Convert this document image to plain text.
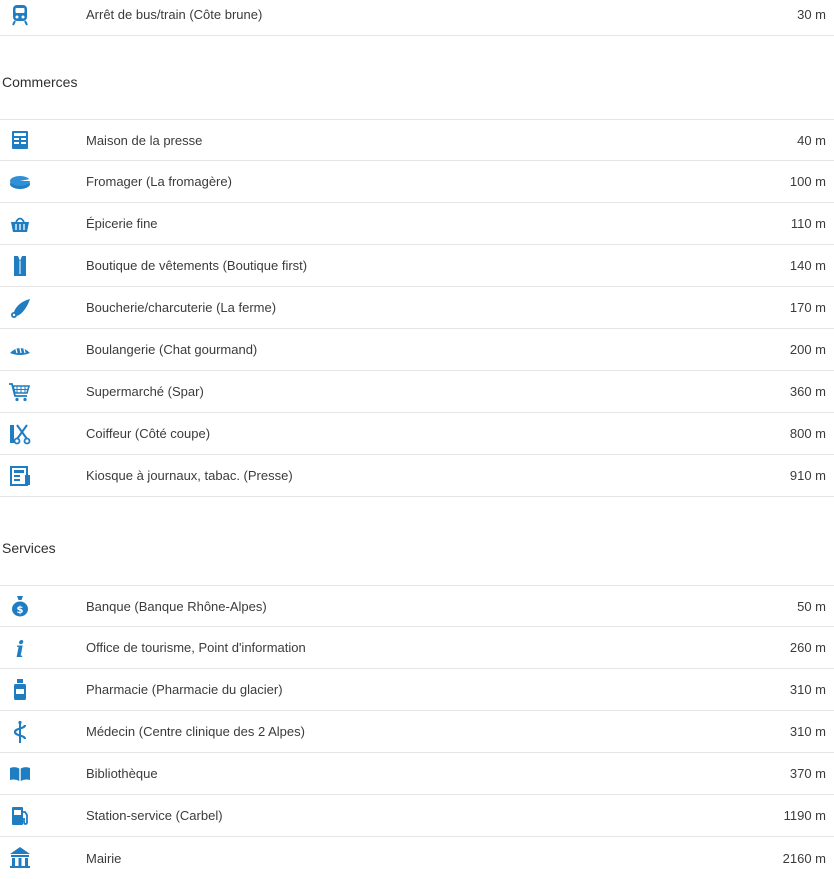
Arrêt de bus/train (Côte brune)	30 m
Commerces
Maison de la presse	40 m
Fromager (La fromagère)	100 m
Épicerie fine	110 m
Boutique de vêtements (Boutique first)	140 m
Boucherie/charcuterie (La ferme)	170 m
Boulangerie (Chat gourmand)	200 m
Supermarché (Spar)	360 m
Coiffeur (Côté coupe)	800 m
Kiosque à journaux, tabac. (Presse)	910 m
Services
$	Banque (Banque Rhône-Alpes)	50 m
i	Office de tourisme, Point d'information	260 m
Pharmacie (Pharmacie du glacier)	310 m
Médecin (Centre clinique des 2 Alpes)	310 m
Bibliothèque	370 m
Station-service (Carbel)	1190 m
Mairie	2160 m
